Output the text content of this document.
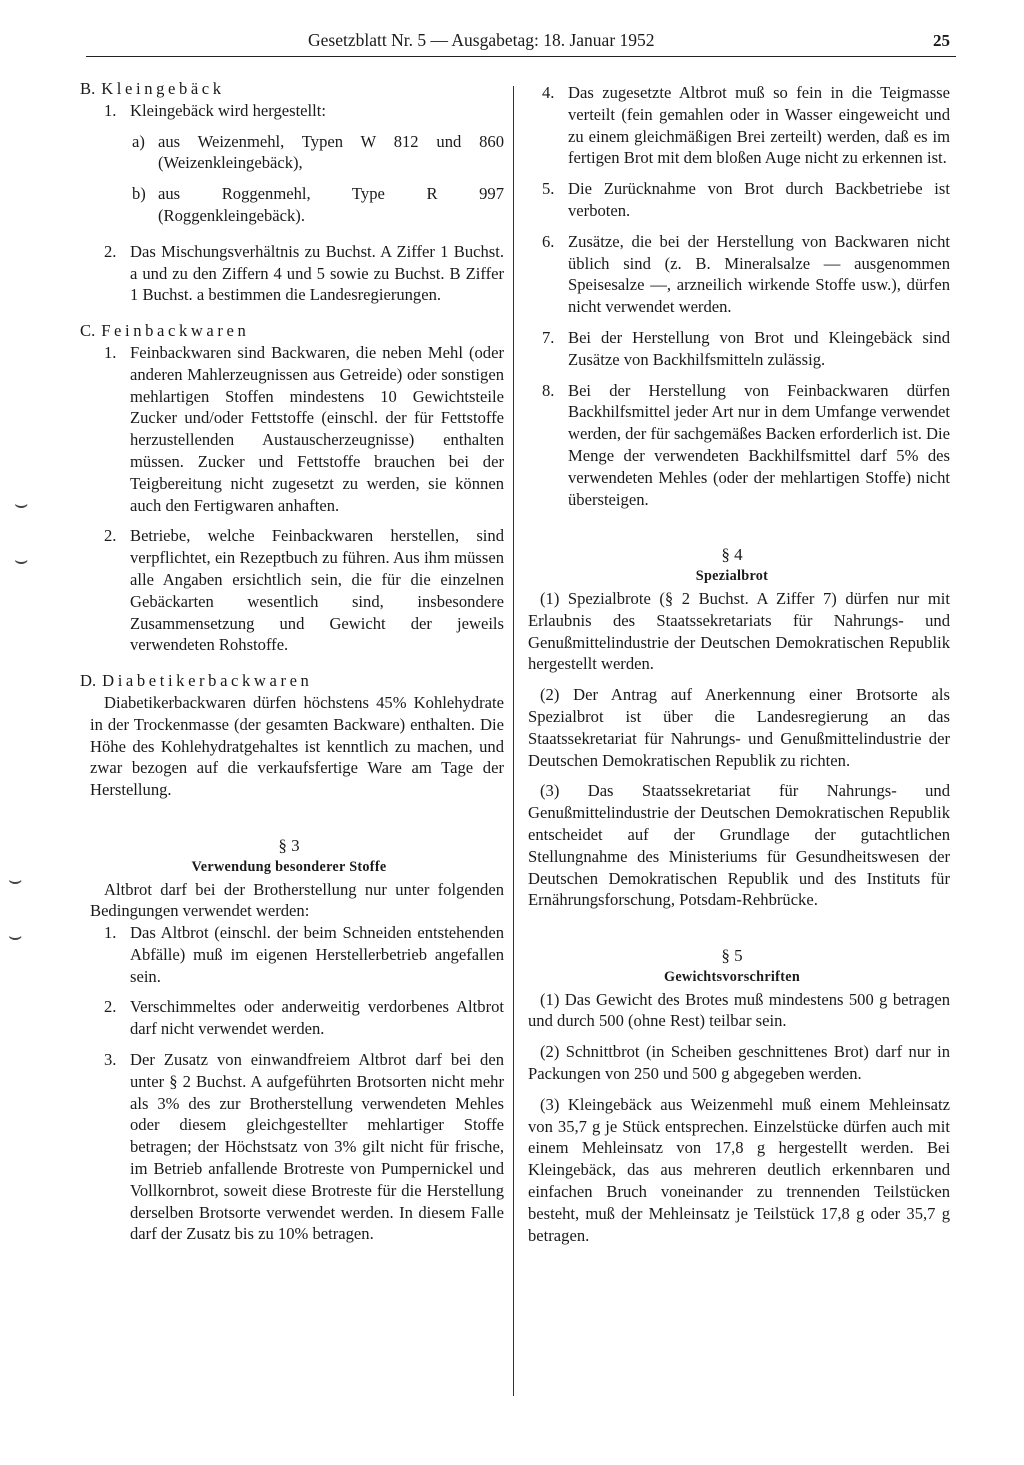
Gesetzblatt Nr. 5 — Ausgabetag: 18. Januar 1952	25
⌣
⌣
⌣
⌣
B. Kleingebäck
1. Kleingebäck wird hergestellt:
a) aus Weizenmehl, Typen W 812 und 860 (Weizenkleingebäck),
b) aus Roggenmehl, Type R 997 (Roggenkleingebäck).
2. Das Mischungsverhältnis zu Buchst. A Ziffer 1 Buchst. a und zu den Ziffern 4 und 5 sowie zu Buchst. B Ziffer 1 Buchst. a bestimmen die Landesregierungen.
C. Feinbackwaren
1. Feinbackwaren sind Backwaren, die neben Mehl (oder anderen Mahlerzeugnissen aus Getreide) oder sonstigen mehlartigen Stoffen mindestens 10 Gewichtsteile Zucker und/oder Fettstoffe (einschl. der für Fettstoffe herzustellenden Austauscherzeugnisse) enthalten müssen. Zucker und Fettstoffe brauchen bei der Teigbereitung nicht zugesetzt zu werden, sie können auch den Fertigwaren anhaften.
2. Betriebe, welche Feinbackwaren herstellen, sind verpflichtet, ein Rezeptbuch zu führen. Aus ihm müssen alle Angaben ersichtlich sein, die für die einzelnen Gebäckarten wesentlich sind, insbesondere Zusammensetzung und Gewicht der jeweils verwendeten Rohstoffe.
D. Diabetikerbackwaren
Diabetikerbackwaren dürfen höchstens 45% Kohlehydrate in der Trockenmasse (der gesamten Backware) enthalten. Die Höhe des Kohlehydratgehaltes ist kenntlich zu machen, und zwar bezogen auf die verkaufsfertige Ware am Tage der Herstellung.
§ 3
Verwendung besonderer Stoffe
Altbrot darf bei der Brotherstellung nur unter folgenden Bedingungen verwendet werden:
1. Das Altbrot (einschl. der beim Schneiden entstehenden Abfälle) muß im eigenen Herstellerbetrieb angefallen sein.
2. Verschimmeltes oder anderweitig verdorbenes Altbrot darf nicht verwendet werden.
3. Der Zusatz von einwandfreiem Altbrot darf bei den unter § 2 Buchst. A aufgeführten Brotsorten nicht mehr als 3% des zur Brotherstellung verwendeten Mehles oder diesem gleichgestellter mehlartiger Stoffe betragen; der Höchstsatz von 3% gilt nicht für frische, im Betrieb anfallende Brotreste von Pumpernickel und Vollkornbrot, soweit diese Brotreste für die Herstellung derselben Brotsorte verwendet werden. In diesem Falle darf der Zusatz bis zu 10% betragen.
4. Das zugesetzte Altbrot muß so fein in die Teigmasse verteilt (fein gemahlen oder in Wasser eingeweicht und zu einem gleichmäßigen Brei zerteilt) werden, daß es im fertigen Brot mit dem bloßen Auge nicht zu erkennen ist.
5. Die Zurücknahme von Brot durch Backbetriebe ist verboten.
6. Zusätze, die bei der Herstellung von Backwaren nicht üblich sind (z. B. Mineralsalze — ausgenommen Speisesalze —, arzneilich wirkende Stoffe usw.), dürfen nicht verwendet werden.
7. Bei der Herstellung von Brot und Kleingebäck sind Zusätze von Backhilfsmitteln zulässig.
8. Bei der Herstellung von Feinbackwaren dürfen Backhilfsmittel jeder Art nur in dem Umfange verwendet werden, der für sachgemäßes Backen erforderlich ist. Die Menge der verwendeten Backhilfsmittel darf 5% des verwendeten Mehles (oder der mehlartigen Stoffe) nicht übersteigen.
§ 4
Spezialbrot
(1) Spezialbrote (§ 2 Buchst. A Ziffer 7) dürfen nur mit Erlaubnis des Staatssekretariats für Nahrungs- und Genußmittelindustrie der Deutschen Demokratischen Republik hergestellt werden.
(2) Der Antrag auf Anerkennung einer Brotsorte als Spezialbrot ist über die Landesregierung an das Staatssekretariat für Nahrungs- und Genußmittelindustrie der Deutschen Demokratischen Republik zu richten.
(3) Das Staatssekretariat für Nahrungs- und Genußmittelindustrie der Deutschen Demokratischen Republik entscheidet auf der Grundlage der gutachtlichen Stellungnahme des Ministeriums für Gesundheitswesen der Deutschen Demokratischen Republik und des Instituts für Ernährungsforschung, Potsdam-Rehbrücke.
§ 5
Gewichtsvorschriften
(1) Das Gewicht des Brotes muß mindestens 500 g betragen und durch 500 (ohne Rest) teilbar sein.
(2) Schnittbrot (in Scheiben geschnittenes Brot) darf nur in Packungen von 250 und 500 g abgegeben werden.
(3) Kleingebäck aus Weizenmehl muß einem Mehleinsatz von 35,7 g je Stück entsprechen. Einzelstücke dürfen auch mit einem Mehleinsatz von 17,8 g hergestellt werden. Bei Kleingebäck, das aus mehreren deutlich erkennbaren und einfachen Bruch voneinander zu trennenden Teilstücken besteht, muß der Mehleinsatz je Teilstück 17,8 g oder 35,7 g betragen.
